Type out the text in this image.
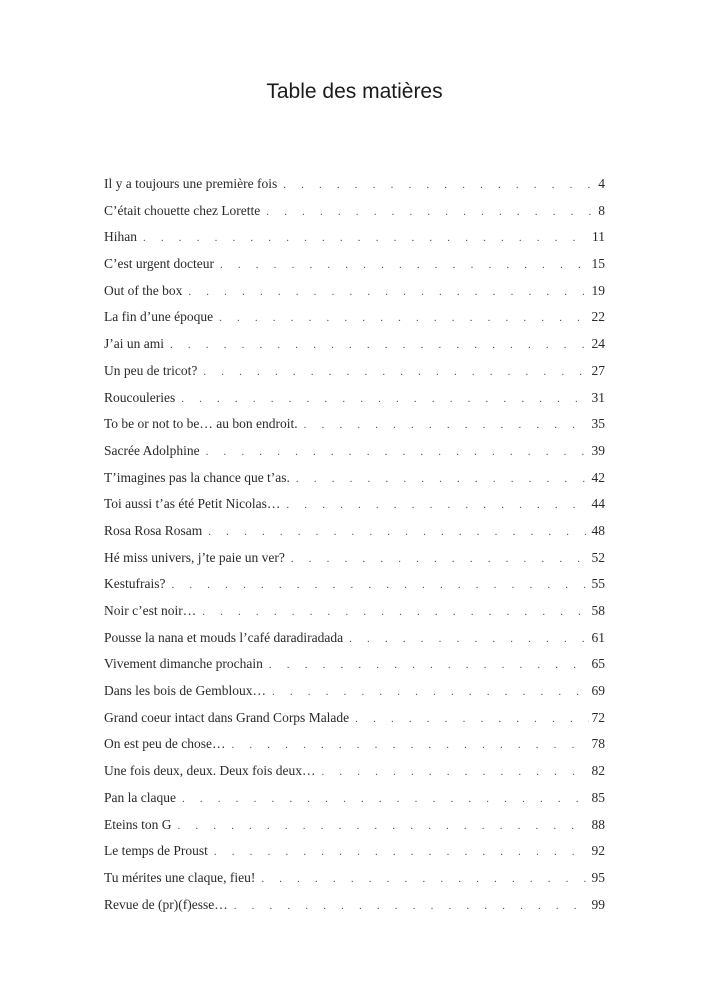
Table des matières
Il y a toujours une première fois . . .	4
C’était chouette chez Lorette . . .	8
Hihan . . .	11
C’est urgent docteur . . .	15
Out of the box . . .	19
La fin d’une époque . . .	22
J’ai un ami . . .	24
Un peu de tricot? . . .	27
Roucouleries . . .	31
To be or not to be… au bon endroit. . . .	35
Sacrée Adolphine . . .	39
T’imagines pas la chance que t’as. . . .	42
Toi aussi t’as été Petit Nicolas… . . .	44
Rosa Rosa Rosam . . .	48
Hé miss univers, j’te paie un ver? . . .	52
Kestufrais? . . .	55
Noir c’est noir… . . .	58
Pousse la nana et mouds l’café daradiradada . . .	61
Vivement dimanche prochain . . .	65
Dans les bois de Gembloux… . . .	69
Grand coeur intact dans Grand Corps Malade . . .	72
On est peu de chose… . . .	78
Une fois deux, deux. Deux fois deux… . . .	82
Pan la claque . . .	85
Eteins ton G . . .	88
Le temps de Proust . . .	92
Tu mérites une claque, fieu! . . .	95
Revue de (pr)(f)esse… . . .	99
